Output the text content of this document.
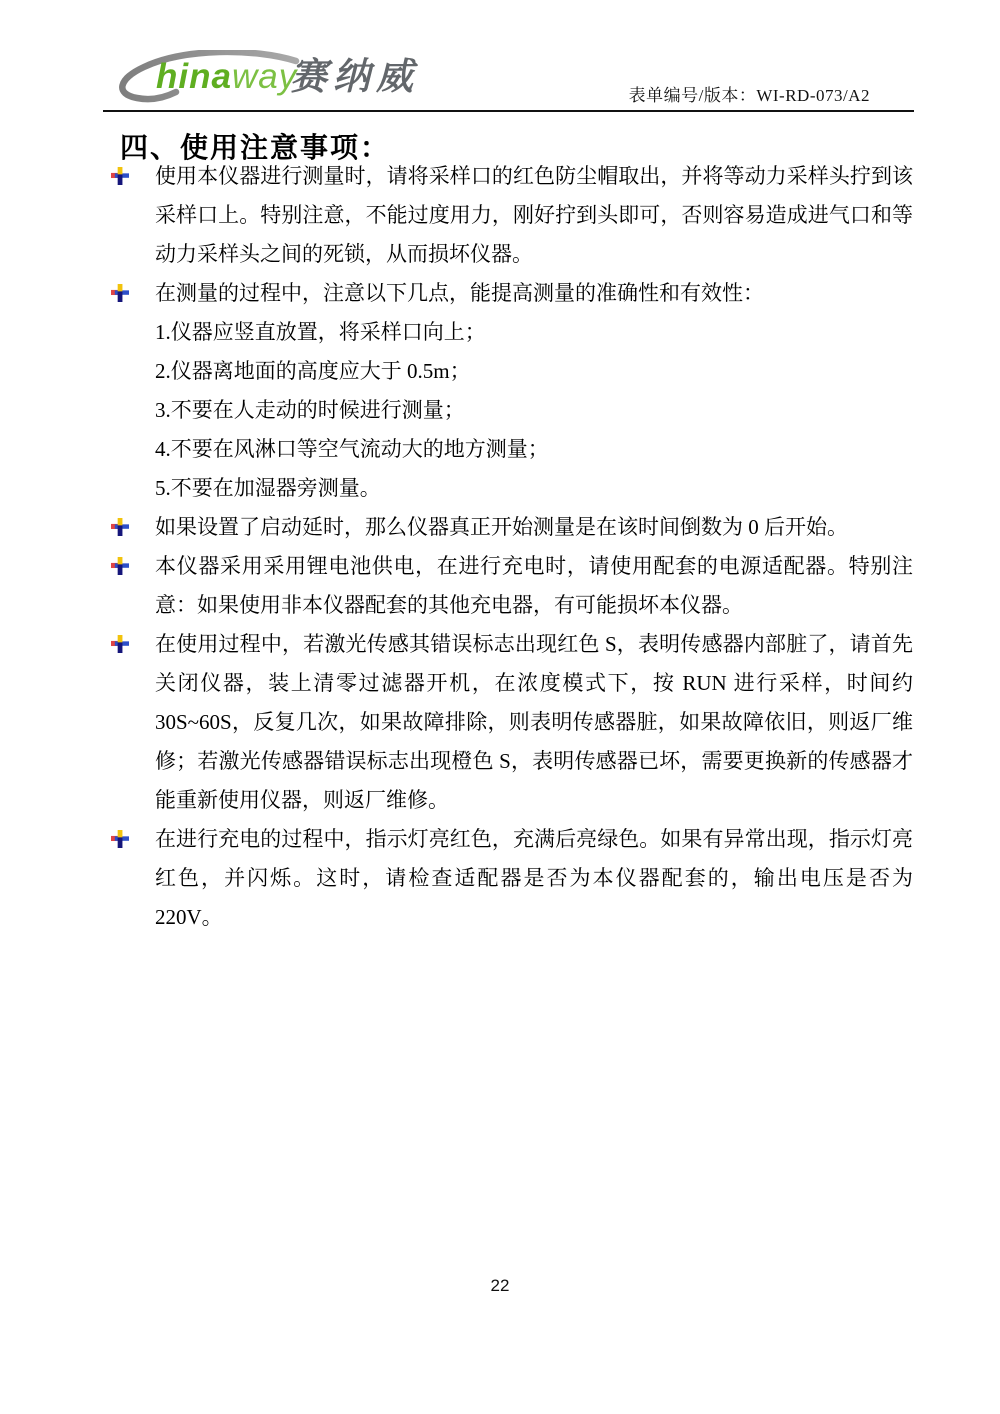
hinaway
赛纳威	表单编号/版本：WI-RD-073/A2
四、使用注意事项：

使用本仪器进行测量时，请将采样口的红色防尘帽取出，并将等动力采样头拧到该采样口上。特别注意，不能过度用力，刚好拧到头即可，否则容易造成进气口和等动力采样头之间的死锁，从而损坏仪器。

在测量的过程中，注意以下几点，能提高测量的准确性和有效性：

1.仪器应竖直放置，将采样口向上；
2.仪器离地面的高度应大于 0.5m；
3.不要在人走动的时候进行测量；
4.不要在风淋口等空气流动大的地方测量；
5.不要在加湿器旁测量。

如果设置了启动延时，那么仪器真正开始测量是在该时间倒数为 0 后开始。

本仪器采用采用锂电池供电，在进行充电时，请使用配套的电源适配器。特别注意：如果使用非本仪器配套的其他充电器，有可能损坏本仪器。

在使用过程中，若激光传感其错误标志出现红色 S，表明传感器内部脏了，请首先关闭仪器，装上清零过滤器开机，在浓度模式下，按 RUN 进行采样，时间约 30S~60S，反复几次，如果故障排除，则表明传感器脏，如果故障依旧，则返厂维修；若激光传感器错误标志出现橙色 S，表明传感器已坏，需要更换新的传感器才能重新使用仪器，则返厂维修。

在进行充电的过程中，指示灯亮红色，充满后亮绿色。如果有异常出现，指示灯亮红色，并闪烁。这时，请检查适配器是否为本仪器配套的，输出电压是否为 220V。

22
